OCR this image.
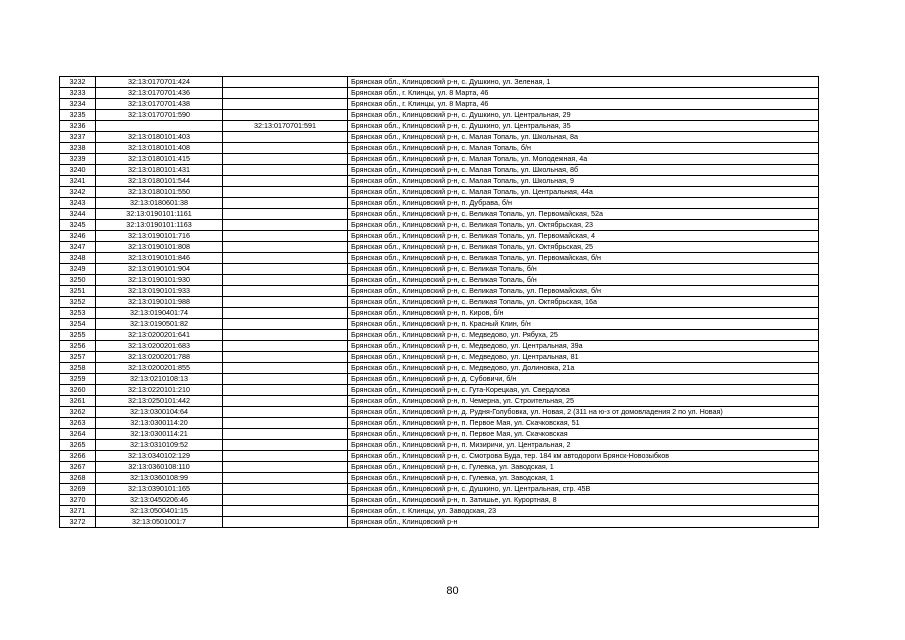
3232	32:13:0170701:424		Брянская обл., Клинцовский р-н, с. Душкино, ул. Зеленая, 1
3233	32:13:0170701:436		Брянская обл., г. Клинцы, ул. 8 Марта, 46
3234	32:13:0170701:438		Брянская обл., г. Клинцы, ул. 8 Марта, 46
3235	32:13:0170701:590		Брянская обл., Клинцовский р-н, с. Душкино, ул. Центральная, 29
3236		32:13:0170701:591	Брянская обл., Клинцовский р-н, с. Душкино, ул. Центральная, 35
3237	32:13:0180101:403		Брянская обл., Клинцовский р-н, с. Малая Топаль, ул. Школьная, 8а
3238	32:13:0180101:408		Брянская обл., Клинцовский р-н, с. Малая Топаль, б/н
3239	32:13:0180101:415		Брянская обл., Клинцовский р-н, с. Малая Топаль, ул. Молодежная, 4а
3240	32:13:0180101:431		Брянская обл., Клинцовский р-н, с. Малая Топаль, ул. Школьная, 8б
3241	32:13:0180101:544		Брянская обл., Клинцовский р-н, с. Малая Топаль, ул. Школьная, 9
3242	32:13:0180101:550		Брянская обл., Клинцовский р-н, с. Малая Топаль, ул. Центральная, 44а
3243	32:13:0180601:38		Брянская обл., Клинцовский р-н, п. Дубрава, б/н
3244	32:13:0190101:1161		Брянская обл., Клинцовский р-н, с. Великая Топаль, ул. Первомайская, 52а
3245	32:13:0190101:1163		Брянская обл., Клинцовский р-н, с. Великая Топаль, ул. Октябрьская, 23
3246	32:13:0190101:716		Брянская обл., Клинцовский р-н, с. Великая Топаль, ул. Первомайская, 4
3247	32:13:0190101:808		Брянская обл., Клинцовский р-н, с. Великая Топаль, ул. Октябрьская, 25
3248	32:13:0190101:846		Брянская обл., Клинцовский р-н, с. Великая Топаль, ул. Первомайская, б/н
3249	32:13:0190101:904		Брянская обл., Клинцовский р-н, с. Великая Топаль, б/н
3250	32:13:0190101:930		Брянская обл., Клинцовский р-н, с. Великая Топаль, б/н
3251	32:13:0190101:933		Брянская обл., Клинцовский р-н, с. Великая Топаль, ул. Первомайская, б/н
3252	32:13:0190101:988		Брянская обл., Клинцовский р-н, с. Великая Топаль, ул. Октябрьская, 16а
3253	32:13:0190401:74		Брянская обл., Клинцовский р-н, п. Киров, б/н
3254	32:13:0190501:82		Брянская обл., Клинцовский р-н, п. Красный Клин, б/н
3255	32:13:0200201:641		Брянская обл., Клинцовский р-н, с. Медведово, ул. Рябуха, 25
3256	32:13:0200201:683		Брянская обл., Клинцовский р-н, с. Медведово, ул. Центральная, 39а
3257	32:13:0200201:788		Брянская обл., Клинцовский р-н, с. Медведово, ул. Центральная, 81
3258	32:13:0200201:855		Брянская обл., Клинцовский р-н, с. Медведово, ул. Долиновка, 21а
3259	32:13:0210108:13		Брянская обл., Клинцовский р-н, д. Субовичи, б/н
3260	32:13:0220101:210		Брянская обл., Клинцовский р-н, с. Гута-Корецкая, ул. Свердлова
3261	32:13:0250101:442		Брянская обл., Клинцовский р-н, п. Чемерна, ул. Строительная, 25
3262	32:13:0300104:64		Брянская обл., Клинцовский р-н, д. Рудня-Голубовка, ул. Новая, 2 (311 на ю-з от домовладения 2 по ул. Новая)
3263	32:13:0300114:20		Брянская обл., Клинцовский р-н, п. Первое Мая, ул. Скачковская, 51
3264	32:13:0300114:21		Брянская обл., Клинцовский р-н, п. Первое Мая, ул. Скачковская
3265	32:13:0310109:52		Брянская обл., Клинцовский р-н, п. Мизиричи, ул. Центральная, 2
3266	32:13:0340102:129		Брянская обл., Клинцовский р-н, с. Смотрова Буда, тер. 184 км автодороги Брянск-Новозыбков
3267	32:13:0360108:110		Брянская обл., Клинцовский р-н, с. Гулевка, ул. Заводская, 1
3268	32:13:0360108:99		Брянская обл., Клинцовский р-н, с. Гулевка, ул. Заводская, 1
3269	32:13:0390101:165		Брянская обл., Клинцовский р-н, с. Душкино, ул. Центральная, стр. 45В
3270	32:13:0450206:46		Брянская обл., Клинцовский р-н, п. Затишье, ул. Курортная, 8
3271	32:13:0500401:15		Брянская обл., г. Клинцы, ул. Заводская, 23
3272	32:13:0501001:7		Брянская обл., Клинцовский р-н
80
